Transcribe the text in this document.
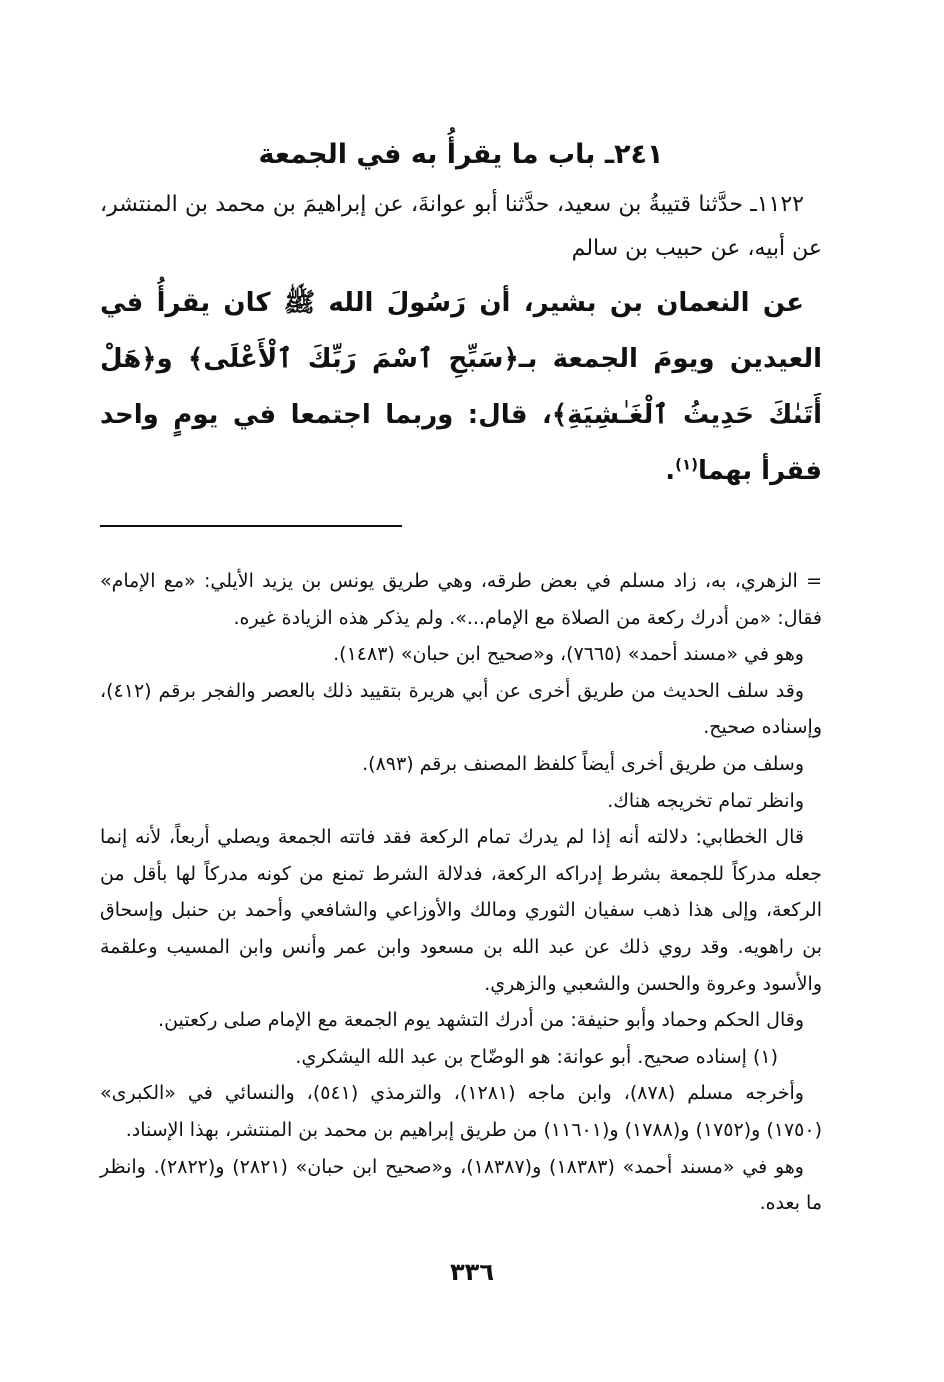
٢٤١ـ باب ما يقرأُ به في الجمعة

١١٢٢ـ حدَّثنا قتيبةُ بن سعيد، حدَّثنا أبو عوانةَ، عن إبراهيمَ بن محمد بن المنتشر، عن أبيه، عن حبيب بن سالم

عن النعمان بن بشير، أن رَسُولَ الله ﷺ كان يقرأُ في العيدين ويومَ الجمعة بـ﴿سَبِّحِ ٱسْمَ رَبِّكَ ٱلْأَعْلَى﴾ و﴿هَلْ أَتَىٰكَ حَدِيثُ ٱلْغَـٰشِيَةِ﴾، قال: وربما اجتمعا في يومٍ واحد فقرأ بهما$^{(١)}$.

= الزهري، به، زاد مسلم في بعض طرقه، وهي طريق يونس بن يزيد الأيلي: «مع الإمام» فقال: «من أدرك ركعة من الصلاة مع الإمام...». ولم يذكر هذه الزيادة غيره.

وهو في «مسند أحمد» (٧٦٦٥)، و«صحيح ابن حبان» (١٤٨٣).

وقد سلف الحديث من طريق أخرى عن أبي هريرة بتقييد ذلك بالعصر والفجر برقم (٤١٢)، وإسناده صحيح.

وسلف من طريق أخرى أيضاً كلفظ المصنف برقم (٨٩٣).

وانظر تمام تخريجه هناك.

قال الخطابي: دلالته أنه إذا لم يدرك تمام الركعة فقد فاتته الجمعة ويصلي أربعاً، لأنه إنما جعله مدركاً للجمعة بشرط إدراكه الركعة، فدلالة الشرط تمنع من كونه مدركاً لها بأقل من الركعة، وإلى هذا ذهب سفيان الثوري ومالك والأوزاعي والشافعي وأحمد بن حنبل وإسحاق بن راهويه. وقد روي ذلك عن عبد الله بن مسعود وابن عمر وأنس وابن المسيب وعلقمة والأسود وعروة والحسن والشعبي والزهري.

وقال الحكم وحماد وأبو حنيفة: من أدرك التشهد يوم الجمعة مع الإمام صلى ركعتين.

(١) إسناده صحيح. أبو عوانة: هو الوضّاح بن عبد الله اليشكري.

وأخرجه مسلم (٨٧٨)، وابن ماجه (١٢٨١)، والترمذي (٥٤١)، والنسائي في «الكبرى» (١٧٥٠) و(١٧٥٢) و(١٧٨٨) و(١١٦٠١) من طريق إبراهيم بن محمد بن المنتشر، بهذا الإسناد.

وهو في «مسند أحمد» (١٨٣٨٣) و(١٨٣٨٧)، و«صحيح ابن حبان» (٢٨٢١) و(٢٨٢٢). وانظر ما بعده.

٣٣٦
